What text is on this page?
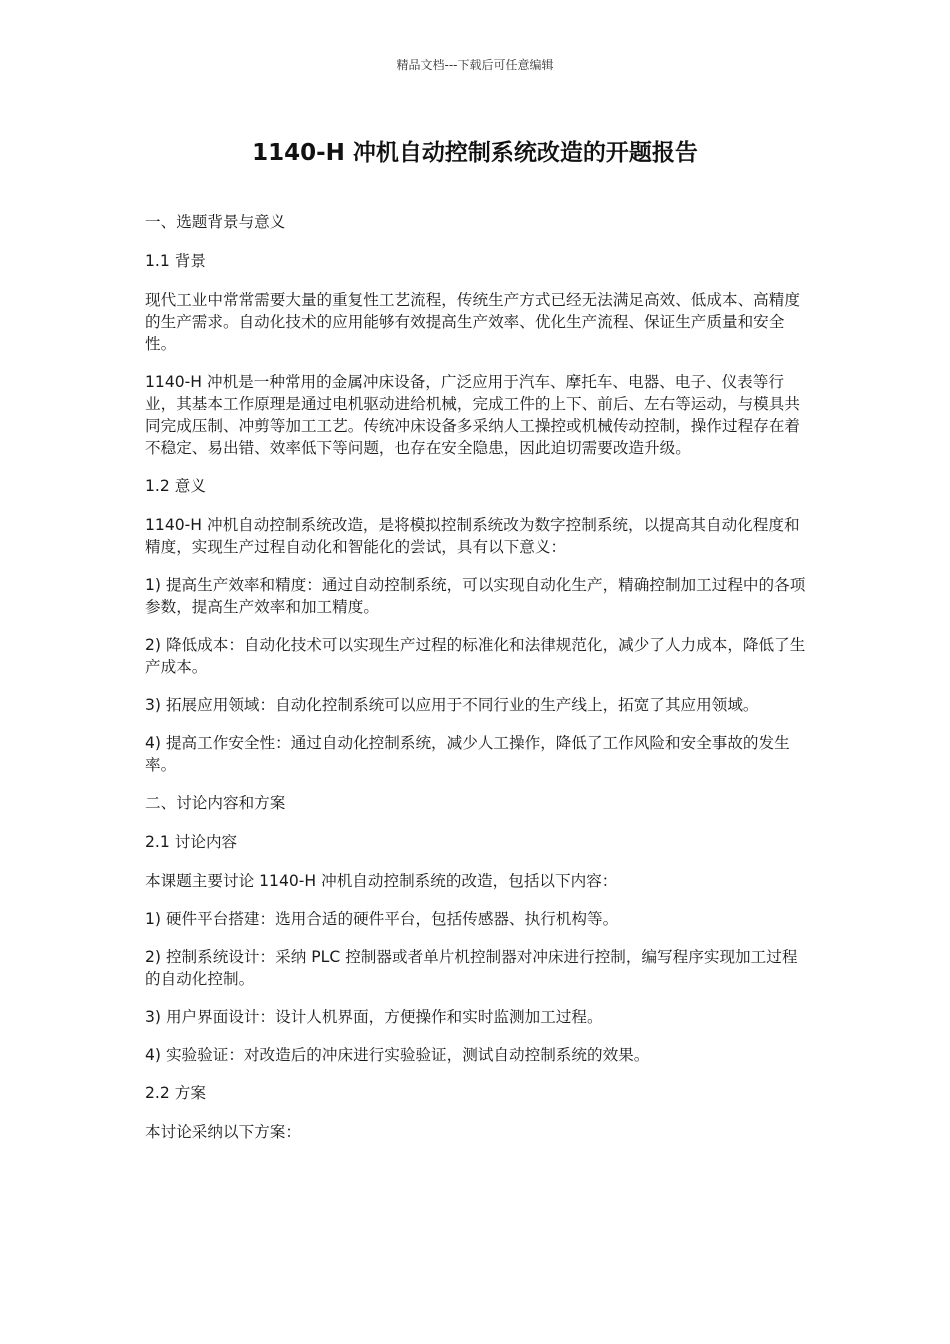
精品文档---下载后可任意编辑
1140-H 冲机自动控制系统改造的开题报告

一、选题背景与意义

1.1 背景

现代工业中常常需要大量的重复性工艺流程，传统生产方式已经无法满足高效、低成本、高精度的生产需求。自动化技术的应用能够有效提高生产效率、优化生产流程、保证生产质量和安全性。

1140-H 冲机是一种常用的金属冲床设备，广泛应用于汽车、摩托车、电器、电子、仪表等行业，其基本工作原理是通过电机驱动进给机械，完成工件的上下、前后、左右等运动，与模具共同完成压制、冲剪等加工工艺。传统冲床设备多采纳人工操控或机械传动控制，操作过程存在着不稳定、易出错、效率低下等问题，也存在安全隐患，因此迫切需要改造升级。

1.2 意义

1140-H 冲机自动控制系统改造，是将模拟控制系统改为数字控制系统，以提高其自动化程度和精度，实现生产过程自动化和智能化的尝试，具有以下意义：

1) 提高生产效率和精度：通过自动控制系统，可以实现自动化生产，精确控制加工过程中的各项参数，提高生产效率和加工精度。

2) 降低成本：自动化技术可以实现生产过程的标准化和法律规范化，减少了人力成本，降低了生产成本。

3) 拓展应用领域：自动化控制系统可以应用于不同行业的生产线上，拓宽了其应用领域。

4) 提高工作安全性：通过自动化控制系统，减少人工操作，降低了工作风险和安全事故的发生率。

二、讨论内容和方案

2.1 讨论内容

本课题主要讨论 1140-H 冲机自动控制系统的改造，包括以下内容：

1) 硬件平台搭建：选用合适的硬件平台，包括传感器、执行机构等。

2) 控制系统设计：采纳 PLC 控制器或者单片机控制器对冲床进行控制，编写程序实现加工过程的自动化控制。

3) 用户界面设计：设计人机界面，方便操作和实时监测加工过程。

4) 实验验证：对改造后的冲床进行实验验证，测试自动控制系统的效果。

2.2 方案

本讨论采纳以下方案：
